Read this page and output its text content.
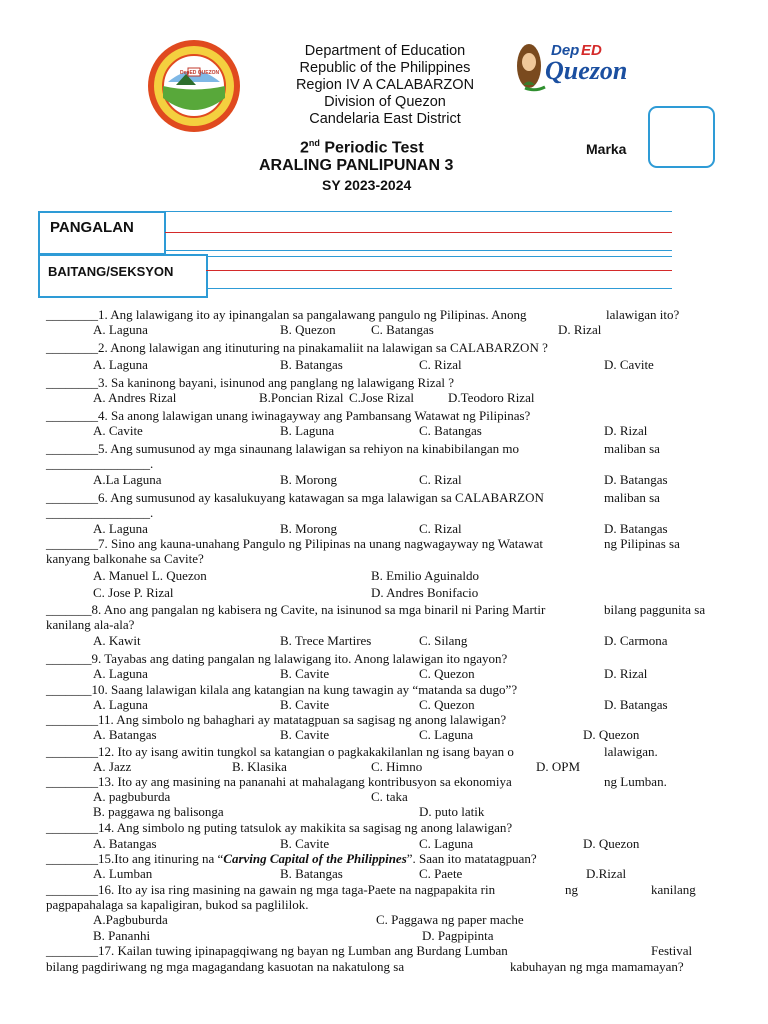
DepED QUEZON
Department of Education
Republic of the Philippines
Region IV A CALABARZON
Division of Quezon
Candelaria East District
Dep ED
Quezon
2nd Periodic Test
ARALING PANLIPUNAN 3
SY 2023-2024
Marka
PANGALAN
BAITANG/SEKSYON
________1. Ang lalawigang ito ay ipinangalan sa pangalawang pangulo ng Pilipinas. Anong	lalawigan ito?
A. Laguna	B. Quezon	C. Batangas	D. Rizal
________2. Anong lalawigan ang itinuturing na pinakamaliit na lalawigan sa CALABARZON ?
A. Laguna	B. Batangas	C. Rizal	D. Cavite
________3. Sa kaninong bayani, isinunod ang panglang ng lalawigang Rizal ?
A. Andres Rizal	B.Poncian Rizal C.Jose Rizal	D.Teodoro Rizal
________4. Sa anong lalawigan unang iwinagayway ang Pambansang Watawat ng Pilipinas?
A. Cavite	B. Laguna	C. Batangas	D. Rizal
________5. Ang sumusunod ay mga sinaunang lalawigan sa rehiyon na kinabibilangan mo	maliban sa
________________.
A.La Laguna	B. Morong	C. Rizal	D. Batangas
________6. Ang sumusunod ay kasalukuyang katawagan sa mga lalawigan sa CALABARZON	maliban sa
________________.
A. Laguna	B. Morong	C. Rizal	D. Batangas
________7. Sino ang kauna-unahang Pangulo ng Pilipinas na unang nagwagayway ng Watawat	ng Pilipinas sa
kanyang balkonahe sa Cavite?
A. Manuel L. Quezon	B. Emilio Aguinaldo
C. Jose P. Rizal	D. Andres Bonifacio
_______8. Ano ang pangalan ng kabisera ng Cavite, na isinunod sa mga binaril ni Paring Martir	bilang paggunita sa
kanilang ala-ala?
A. Kawit	B. Trece Martires	C. Silang	D. Carmona
_______9. Tayabas ang dating pangalan ng lalawigang ito. Anong lalawigan ito ngayon?
A. Laguna	B. Cavite	C. Quezon	D. Rizal
_______10. Saang lalawigan kilala ang katangian na kung tawagin ay “matanda sa dugo”?
A. Laguna	B. Cavite	C. Quezon	D. Batangas
________11. Ang simbolo ng bahaghari ay matatagpuan sa sagisag ng anong lalawigan?
A. Batangas	B. Cavite	C. Laguna	D. Quezon
________12. Ito ay isang awitin tungkol sa katangian o pagkakakilanlan ng isang bayan o	lalawigan.
A. Jazz	B. Klasika	C. Himno	D. OPM
________13. Ito ay ang masining na pananahi at mahalagang kontribusyon sa ekonomiya	ng Lumban.
A. pagbuburda	C. taka
B. paggawa ng balisonga	D. puto latik
________14. Ang simbolo ng puting tatsulok ay makikita sa sagisag ng anong lalawigan?
A. Batangas	B. Cavite	C. Laguna	D. Quezon
________15.Ito ang itinuring na “Carving Capital of the Philippines”. Saan ito matatagpuan?
A. Lumban	B. Batangas	C. Paete	D.Rizal
________16. Ito ay isa ring masining na gawain ng mga taga-Paete na nagpapakita rin	ng	kanilang
pagpapahalaga sa kapaligiran, bukod sa paglililok.
A.Pagbuburda	C. Paggawa ng paper mache
B. Pananhi	D. Pagpipinta
________17. Kailan tuwing ipinapagqiwang ng bayan ng Lumban ang Burdang Lumban	Festival
bilang pagdiriwang ng mga magagandang kasuotan na nakatulong sa	kabuhayan ng mga mamamayan?
